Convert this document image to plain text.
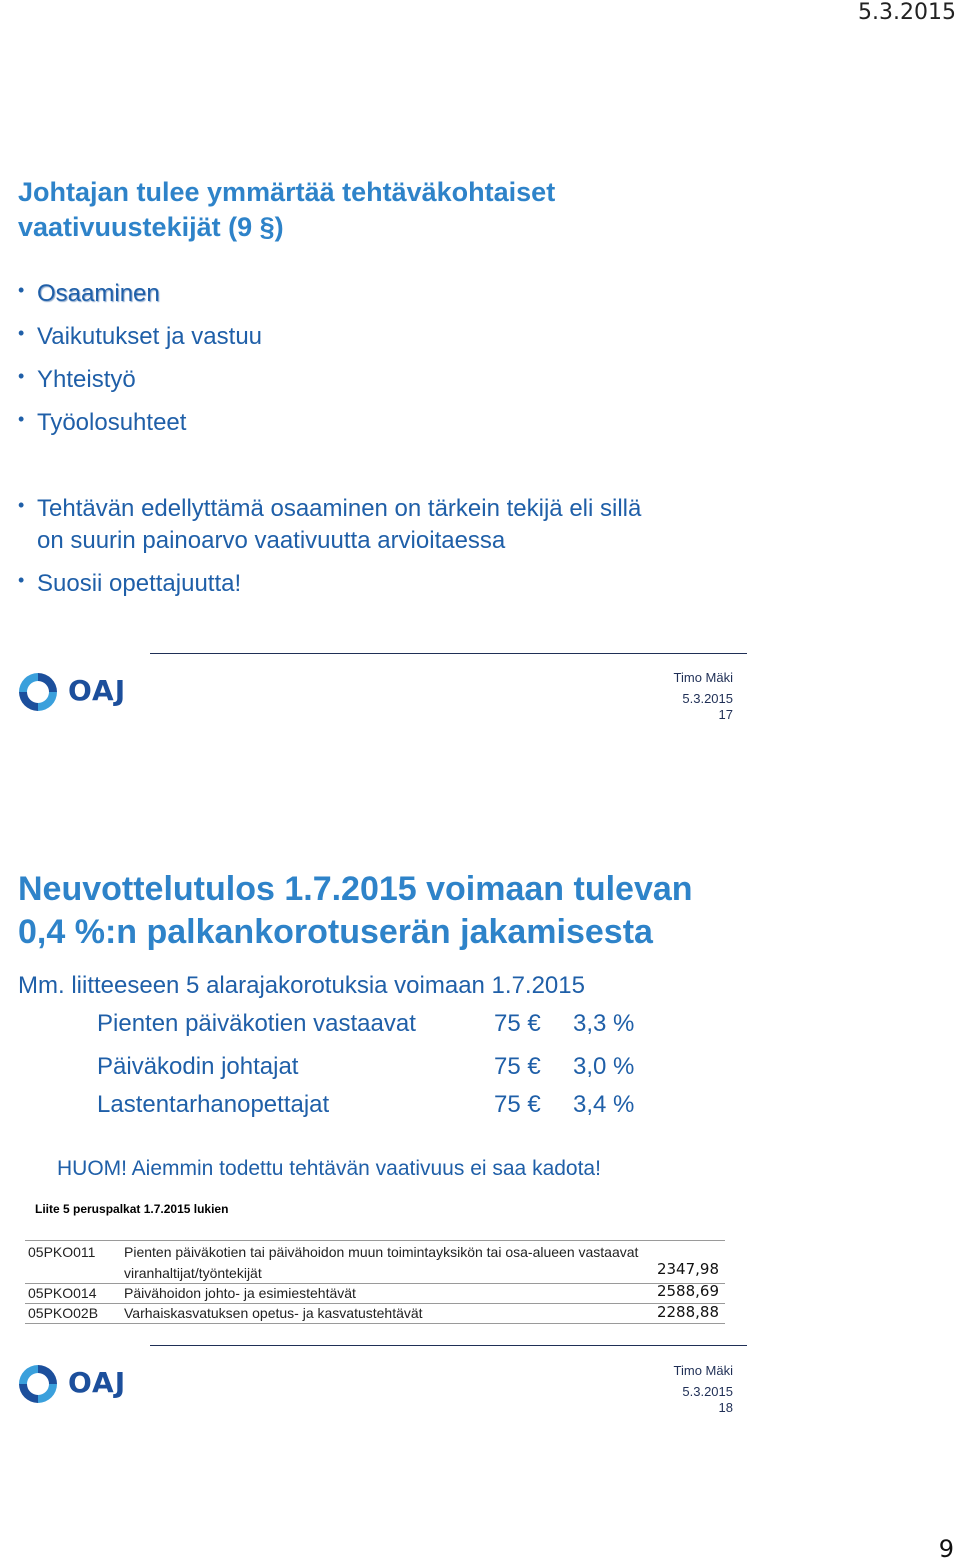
5.3.2015
Johtajan tulee ymmärtää tehtäväkohtaiset
vaativuustekijät (9 §)
• Osaaminen
• Vaikutukset ja vastuu
• Yhteistyö
• Työolosuhteet
• Tehtävän edellyttämä osaaminen on tärkein tekijä eli sillä
on suurin painoarvo vaativuutta arvioitaessa
• Suosii opettajuutta!
OAJ	Timo Mäki
5.3.2015
17
Neuvottelutulos 1.7.2015 voimaan tulevan
0,4 %:n palkankorotuserän jakamisesta
Mm. liitteeseen 5 alarajakorotuksia voimaan 1.7.2015
Pienten päiväkotien vastaavat	75 € 3,3 %
Päiväkodin johtajat	75 € 3,0 %
Lastentarhanopettajat	75 € 3,4 %
HUOM! Aiemmin todettu tehtävän vaativuus ei saa kadota!
Liite 5 peruspalkat 1.7.2015 lukien
05PKO011 Pienten päiväkotien tai päivähoidon muun toimintayksikön tai osa-alueen vastaavat
viranhaltijat/työntekijät	2347,98
05PKO014 Päivähoidon johto- ja esimiestehtävät	2588,69
05PKO02B Varhaiskasvatuksen opetus- ja kasvatustehtävät	2288,88
OAJ	Timo Mäki
5.3.2015
18
9
